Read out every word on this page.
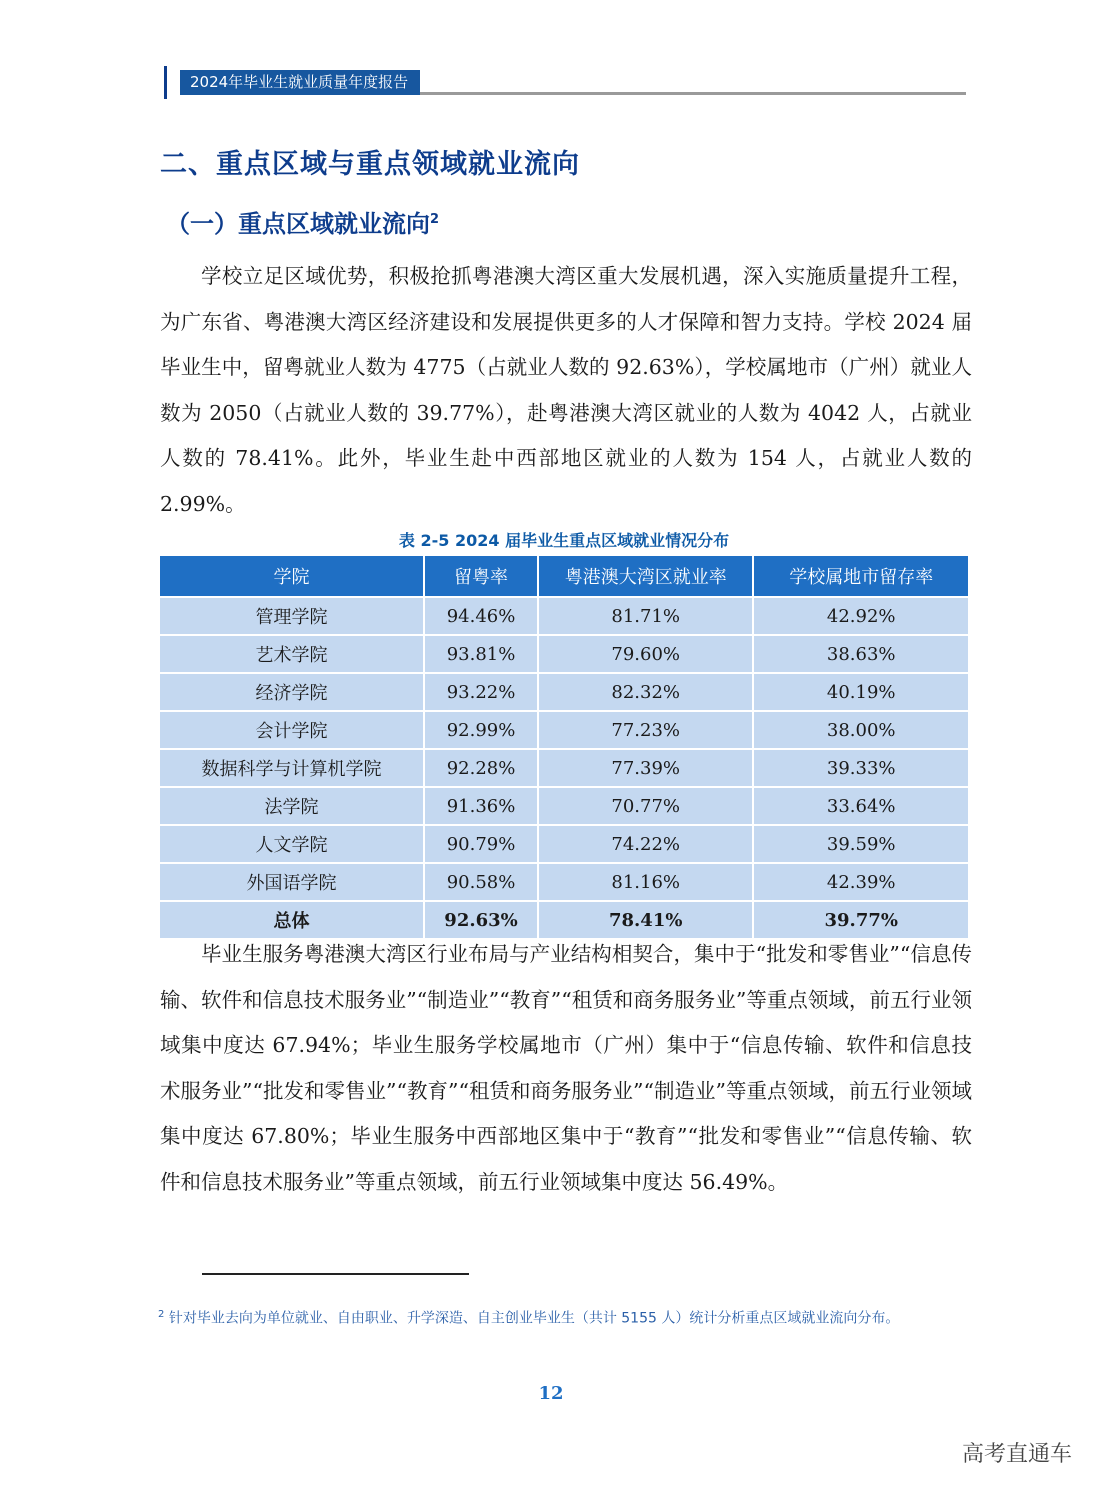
2024年毕业生就业质量年度报告
二、重点区域与重点领域就业流向
（一）重点区域就业流向$^2$

学校立足区域优势，积极抢抓粤港澳大湾区重大发展机遇，深入实施质量提升工程，为广东省、粤港澳大湾区经济建设和发展提供更多的人才保障和智力支持。学校 2024 届毕业生中，留粤就业人数为 4775（占就业人数的 92.63%），学校属地市（广州）就业人数为 2050（占就业人数的 39.77%），赴粤港澳大湾区就业的人数为 4042 人，占就业人数的 78.41%。此外，毕业生赴中西部地区就业的人数为 154 人，占就业人数的 2.99%。

表 2-5 2024 届毕业生重点区域就业情况分布
学院	留粤率	粤港澳大湾区就业率	学校属地市留存率
管理学院	94.46%	81.71%	42.92%
艺术学院	93.81%	79.60%	38.63%
经济学院	93.22%	82.32%	40.19%
会计学院	92.99%	77.23%	38.00%
数据科学与计算机学院	92.28%	77.39%	39.33%
法学院	91.36%	70.77%	33.64%
人文学院	90.79%	74.22%	39.59%
外国语学院	90.58%	81.16%	42.39%
总体	92.63%	78.41%	39.77%

毕业生服务粤港澳大湾区行业布局与产业结构相契合，集中于“批发和零售业”“信息传输、软件和信息技术服务业”“制造业”“教育”“租赁和商务服务业”等重点领域，前五行业领域集中度达 67.94%；毕业生服务学校属地市（广州）集中于“信息传输、软件和信息技术服务业”“批发和零售业”“教育”“租赁和商务服务业”“制造业”等重点领域，前五行业领域集中度达 67.80%；毕业生服务中西部地区集中于“教育”“批发和零售业”“信息传输、软件和信息技术服务业”等重点领域，前五行业领域集中度达 56.49%。

$^2$ 针对毕业去向为单位就业、自由职业、升学深造、自主创业毕业生（共计 5155 人）统计分析重点区域就业流向分布。

12
高考直通车
